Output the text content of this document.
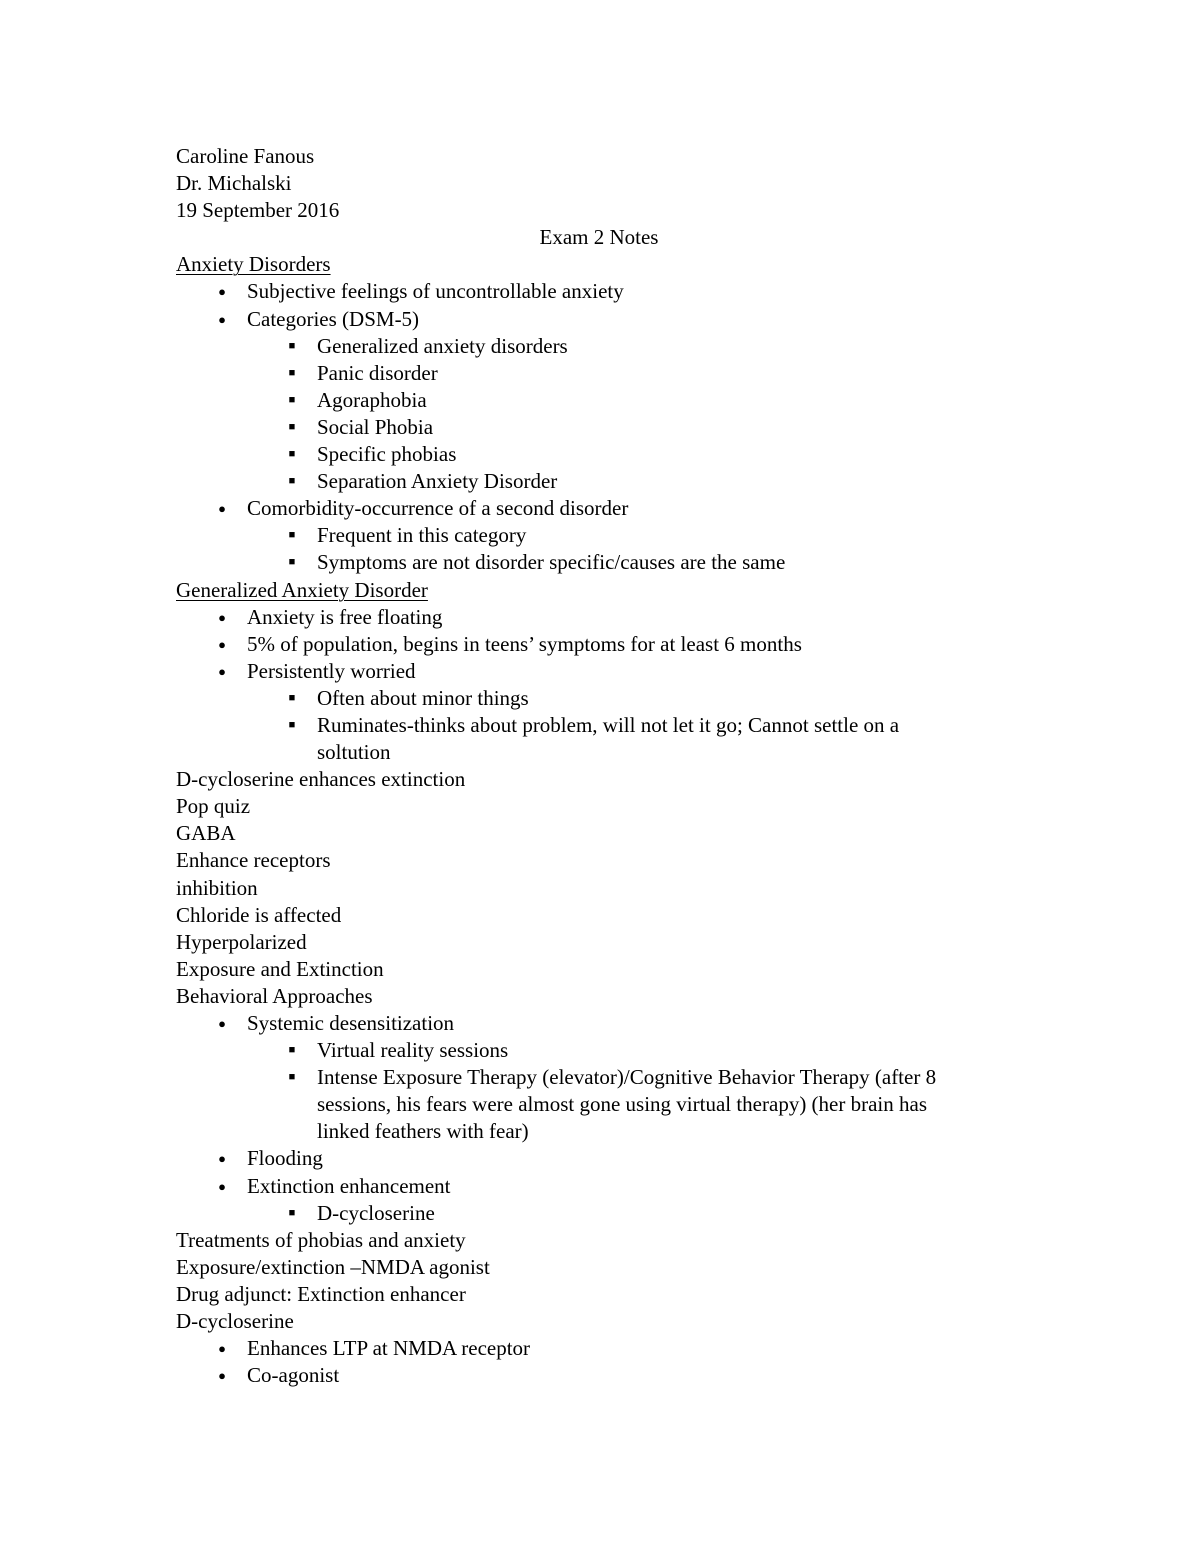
Caroline Fanous
Dr. Michalski
19 September 2016
Exam 2 Notes
Anxiety Disorders
● Subjective feelings of uncontrollable anxiety
● Categories (DSM-5)
■	Generalized anxiety disorders
■	Panic disorder
■	Agoraphobia
■	Social Phobia
■	Specific phobias
■	Separation Anxiety Disorder
● Comorbidity-occurrence of a second disorder
■	Frequent in this category
■	Symptoms are not disorder specific/causes are the same
Generalized Anxiety Disorder
● Anxiety is free floating
● 5% of population, begins in teens’ symptoms for at least 6 months
● Persistently worried
■	Often about minor things
■	Ruminates-thinks about problem, will not let it go; Cannot settle on a
soltution
D-cycloserine enhances extinction
Pop quiz
GABA
Enhance receptors
inhibition
Chloride is affected
Hyperpolarized
Exposure and Extinction
Behavioral Approaches
● Systemic desensitization
■	Virtual reality sessions
■	Intense Exposure Therapy (elevator)/Cognitive Behavior Therapy (after 8
sessions, his fears were almost gone using virtual therapy) (her brain has
linked feathers with fear)
● Flooding
● Extinction enhancement
■	D-cycloserine
Treatments of phobias and anxiety
Exposure/extinction –NMDA agonist
Drug adjunct: Extinction enhancer
D-cycloserine
● Enhances LTP at NMDA receptor
● Co-agonist
